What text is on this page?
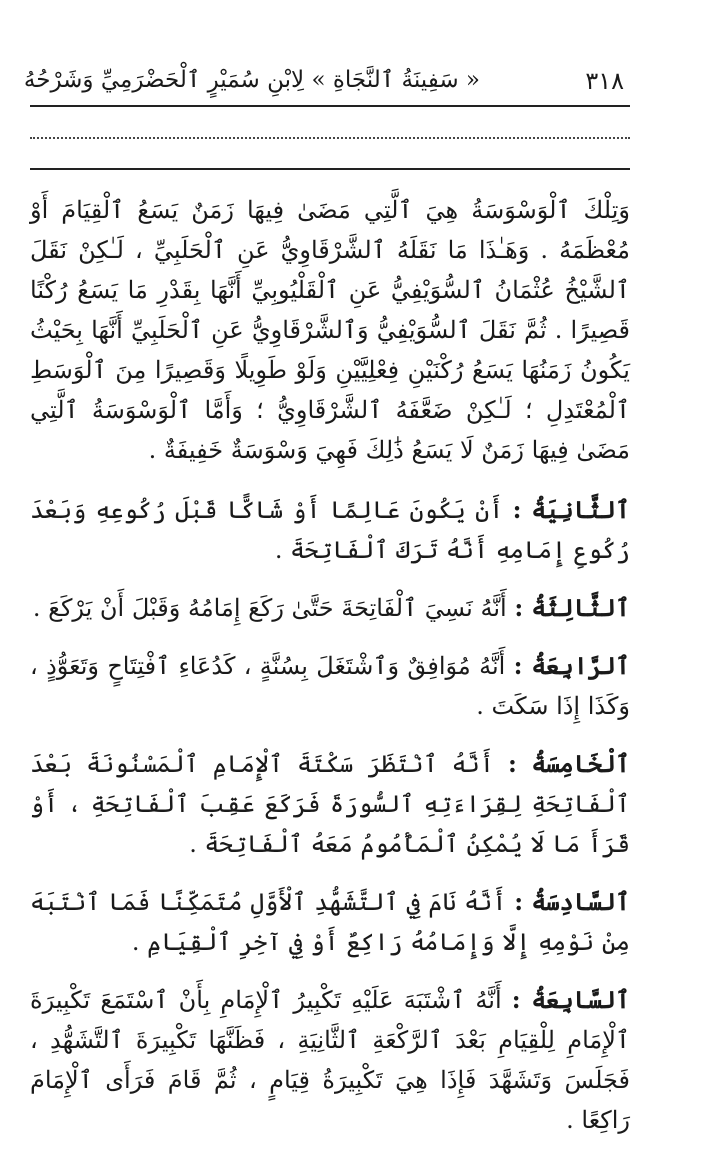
٣١٨
« سَفِينَةُ ٱلنَّجَاةِ » لِابْنِ سُمَيْرٍ ٱلْحَضْرَمِيِّ وَشَرْحُهُ

وَتِلْكَ ٱلْوَسْوَسَةُ هِيَ ٱلَّتِي مَضَىٰ فِيهَا زَمَنٌ يَسَعُ ٱلْقِيَامَ أَوْ مُعْظَمَهُ . وَهَـٰذَا مَا نَقَلَهُ ٱلشَّرْقَاوِيُّ عَنِ ٱلْحَلَبِيِّ ، لَـٰكِنْ نَقَلَ ٱلشَّيْخُ عُثْمَانُ ٱلسُّوَيْفِيُّ عَنِ ٱلْقَلْيُوبِيِّ أَنَّهَا بِقَدْرِ مَا يَسَعُ رُكْنًا قَصِيرًا . ثُمَّ نَقَلَ ٱلسُّوَيْفِيُّ وَٱلشَّرْقَاوِيُّ عَنِ ٱلْحَلَبِيِّ أَنَّهَا بِحَيْثُ يَكُونُ زَمَنُهَا يَسَعُ رُكْنَيْنِ فِعْلِيَّيْنِ وَلَوْ طَوِيلًا وَقَصِيرًا مِنَ ٱلْوَسَطِ ٱلْمُعْتَدِلِ ؛ لَـٰكِنْ ضَعَّفَهُ ٱلشَّرْقَاوِيُّ ؛ وَأَمَّا ٱلْوَسْوَسَةُ ٱلَّتِي مَضَىٰ فِيهَا زَمَنٌ لَا يَسَعُ ذَٰلِكَ فَهِيَ وَسْوَسَةٌ خَفِيفَةٌ .

ٱلثَّانِيَةُ : أَنْ يَكُونَ عَالِمًا أَوْ شَاكًّا قَبْلَ رُكُوعِهِ وَبَعْدَ رُكُوعِ إِمَامِهِ أَنَّهُ تَرَكَ ٱلْفَاتِحَةَ .

ٱلثَّالِثَةُ : أَنَّهُ نَسِيَ ٱلْفَاتِحَةَ حَتَّىٰ رَكَعَ إِمَامُهُ وَقَبْلَ أَنْ يَرْكَعَ .

ٱلرَّابِعَةُ : أَنَّهُ مُوَافِقٌ وَٱشْتَغَلَ بِسُنَّةٍ ، كَدُعَاءِ ٱفْتِتَاحٍ وَتَعَوُّذٍ ، وَكَذَا إِذَا سَكَتَ .

ٱلْخَامِسَةُ : أَنَّهُ ٱنْتَظَرَ سَكْتَةَ ٱلْإِمَامِ ٱلْمَسْنُونَةَ بَعْدَ ٱلْفَاتِحَةِ لِقِرَاءَتِهِ ٱلسُّورَةَ فَرَكَعَ عَقِبَ ٱلْفَاتِحَةِ ، أَوْ قَرَأَ مَا لَا يُمْكِنُ ٱلْمَأْمُومُ مَعَهُ ٱلْفَاتِحَةَ .

ٱلسَّادِسَةُ : أَنَّهُ نَامَ فِي ٱلتَّشَهُّدِ ٱلْأَوَّلِ مُتَمَكِّنًا فَمَا ٱنْتَبَهَ مِنْ نَوْمِهِ إِلَّا وَإِمَامُهُ رَاكِعٌ أَوْ فِي آخِرِ ٱلْقِيَامِ .

ٱلسَّابِعَةُ : أَنَّهُ ٱشْتَبَهَ عَلَيْهِ تَكْبِيرُ ٱلْإِمَامِ بِأَنْ ٱسْتَمَعَ تَكْبِيرَةَ ٱلْإِمَامِ لِلْقِيَامِ بَعْدَ ٱلرَّكْعَةِ ٱلثَّانِيَةِ ، فَظَنَّهَا تَكْبِيرَةَ ٱلتَّشَهُّدِ ، فَجَلَسَ وَتَشَهَّدَ فَإِذَا هِيَ تَكْبِيرَةُ قِيَامٍ ، ثُمَّ قَامَ فَرَأَى ٱلْإِمَامَ رَاكِعًا .
